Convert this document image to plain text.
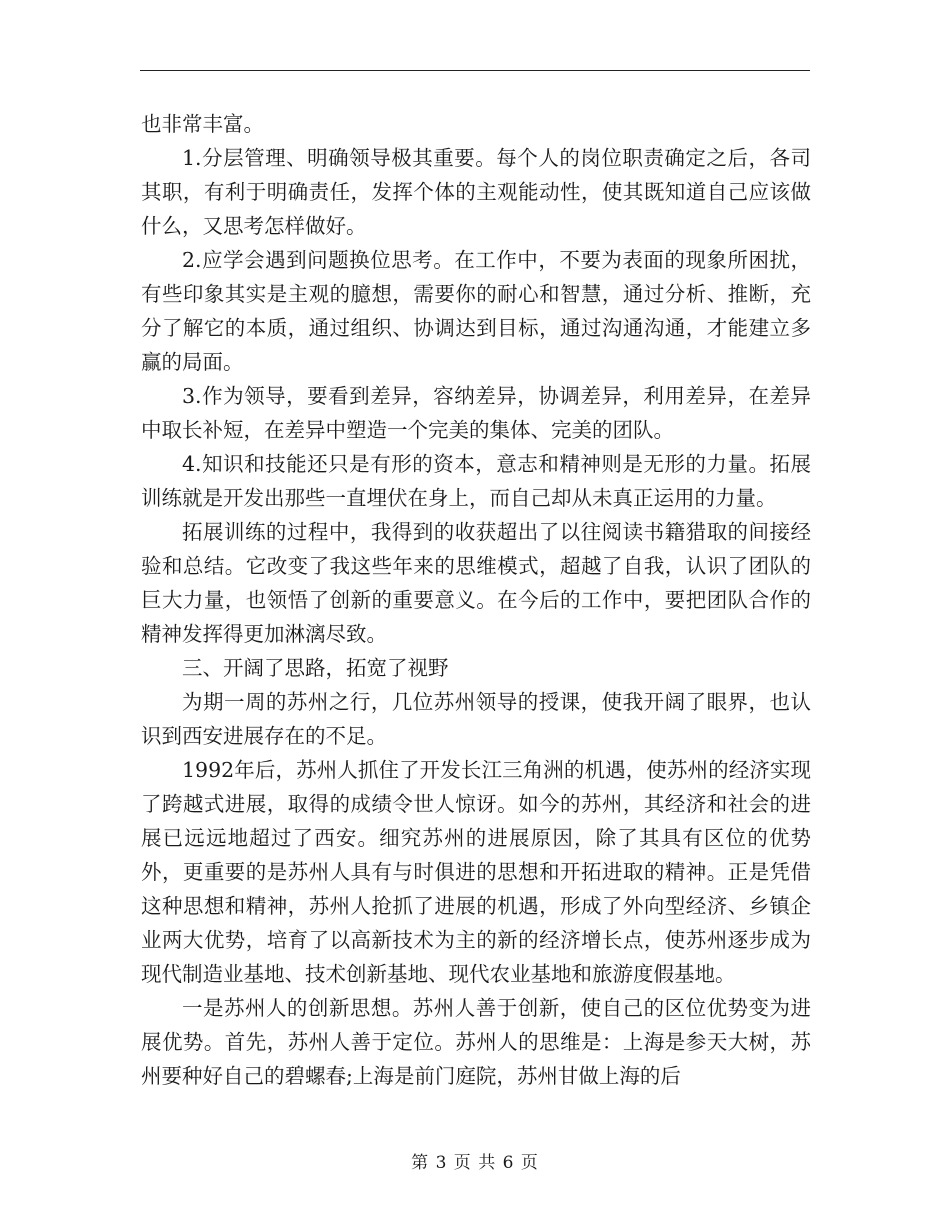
也非常丰富。

1.分层管理、明确领导极其重要。每个人的岗位职责确定之后，各司其职，有利于明确责任，发挥个体的主观能动性，使其既知道自己应该做什么，又思考怎样做好。

2.应学会遇到问题换位思考。在工作中，不要为表面的现象所困扰，有些印象其实是主观的臆想，需要你的耐心和智慧，通过分析、推断，充分了解它的本质，通过组织、协调达到目标，通过沟通沟通，才能建立多赢的局面。

3.作为领导，要看到差异，容纳差异，协调差异，利用差异，在差异中取长补短，在差异中塑造一个完美的集体、完美的团队。

4.知识和技能还只是有形的资本，意志和精神则是无形的力量。拓展训练就是开发出那些一直埋伏在身上，而自己却从未真正运用的力量。

拓展训练的过程中，我得到的收获超出了以往阅读书籍猎取的间接经验和总结。它改变了我这些年来的思维模式，超越了自我，认识了团队的巨大力量，也领悟了创新的重要意义。在今后的工作中，要把团队合作的精神发挥得更加淋漓尽致。

三、开阔了思路，拓宽了视野

为期一周的苏州之行，几位苏州领导的授课，使我开阔了眼界，也认识到西安进展存在的不足。

1992年后，苏州人抓住了开发长江三角洲的机遇，使苏州的经济实现了跨越式进展，取得的成绩令世人惊讶。如今的苏州，其经济和社会的进展已远远地超过了西安。细究苏州的进展原因，除了其具有区位的优势外，更重要的是苏州人具有与时俱进的思想和开拓进取的精神。正是凭借这种思想和精神，苏州人抢抓了进展的机遇，形成了外向型经济、乡镇企业两大优势，培育了以高新技术为主的新的经济增长点，使苏州逐步成为现代制造业基地、技术创新基地、现代农业基地和旅游度假基地。

一是苏州人的创新思想。苏州人善于创新，使自己的区位优势变为进展优势。首先，苏州人善于定位。苏州人的思维是：上海是参天大树，苏州要种好自己的碧螺春;上海是前门庭院，苏州甘做上海的后

第 3 页 共 6 页
